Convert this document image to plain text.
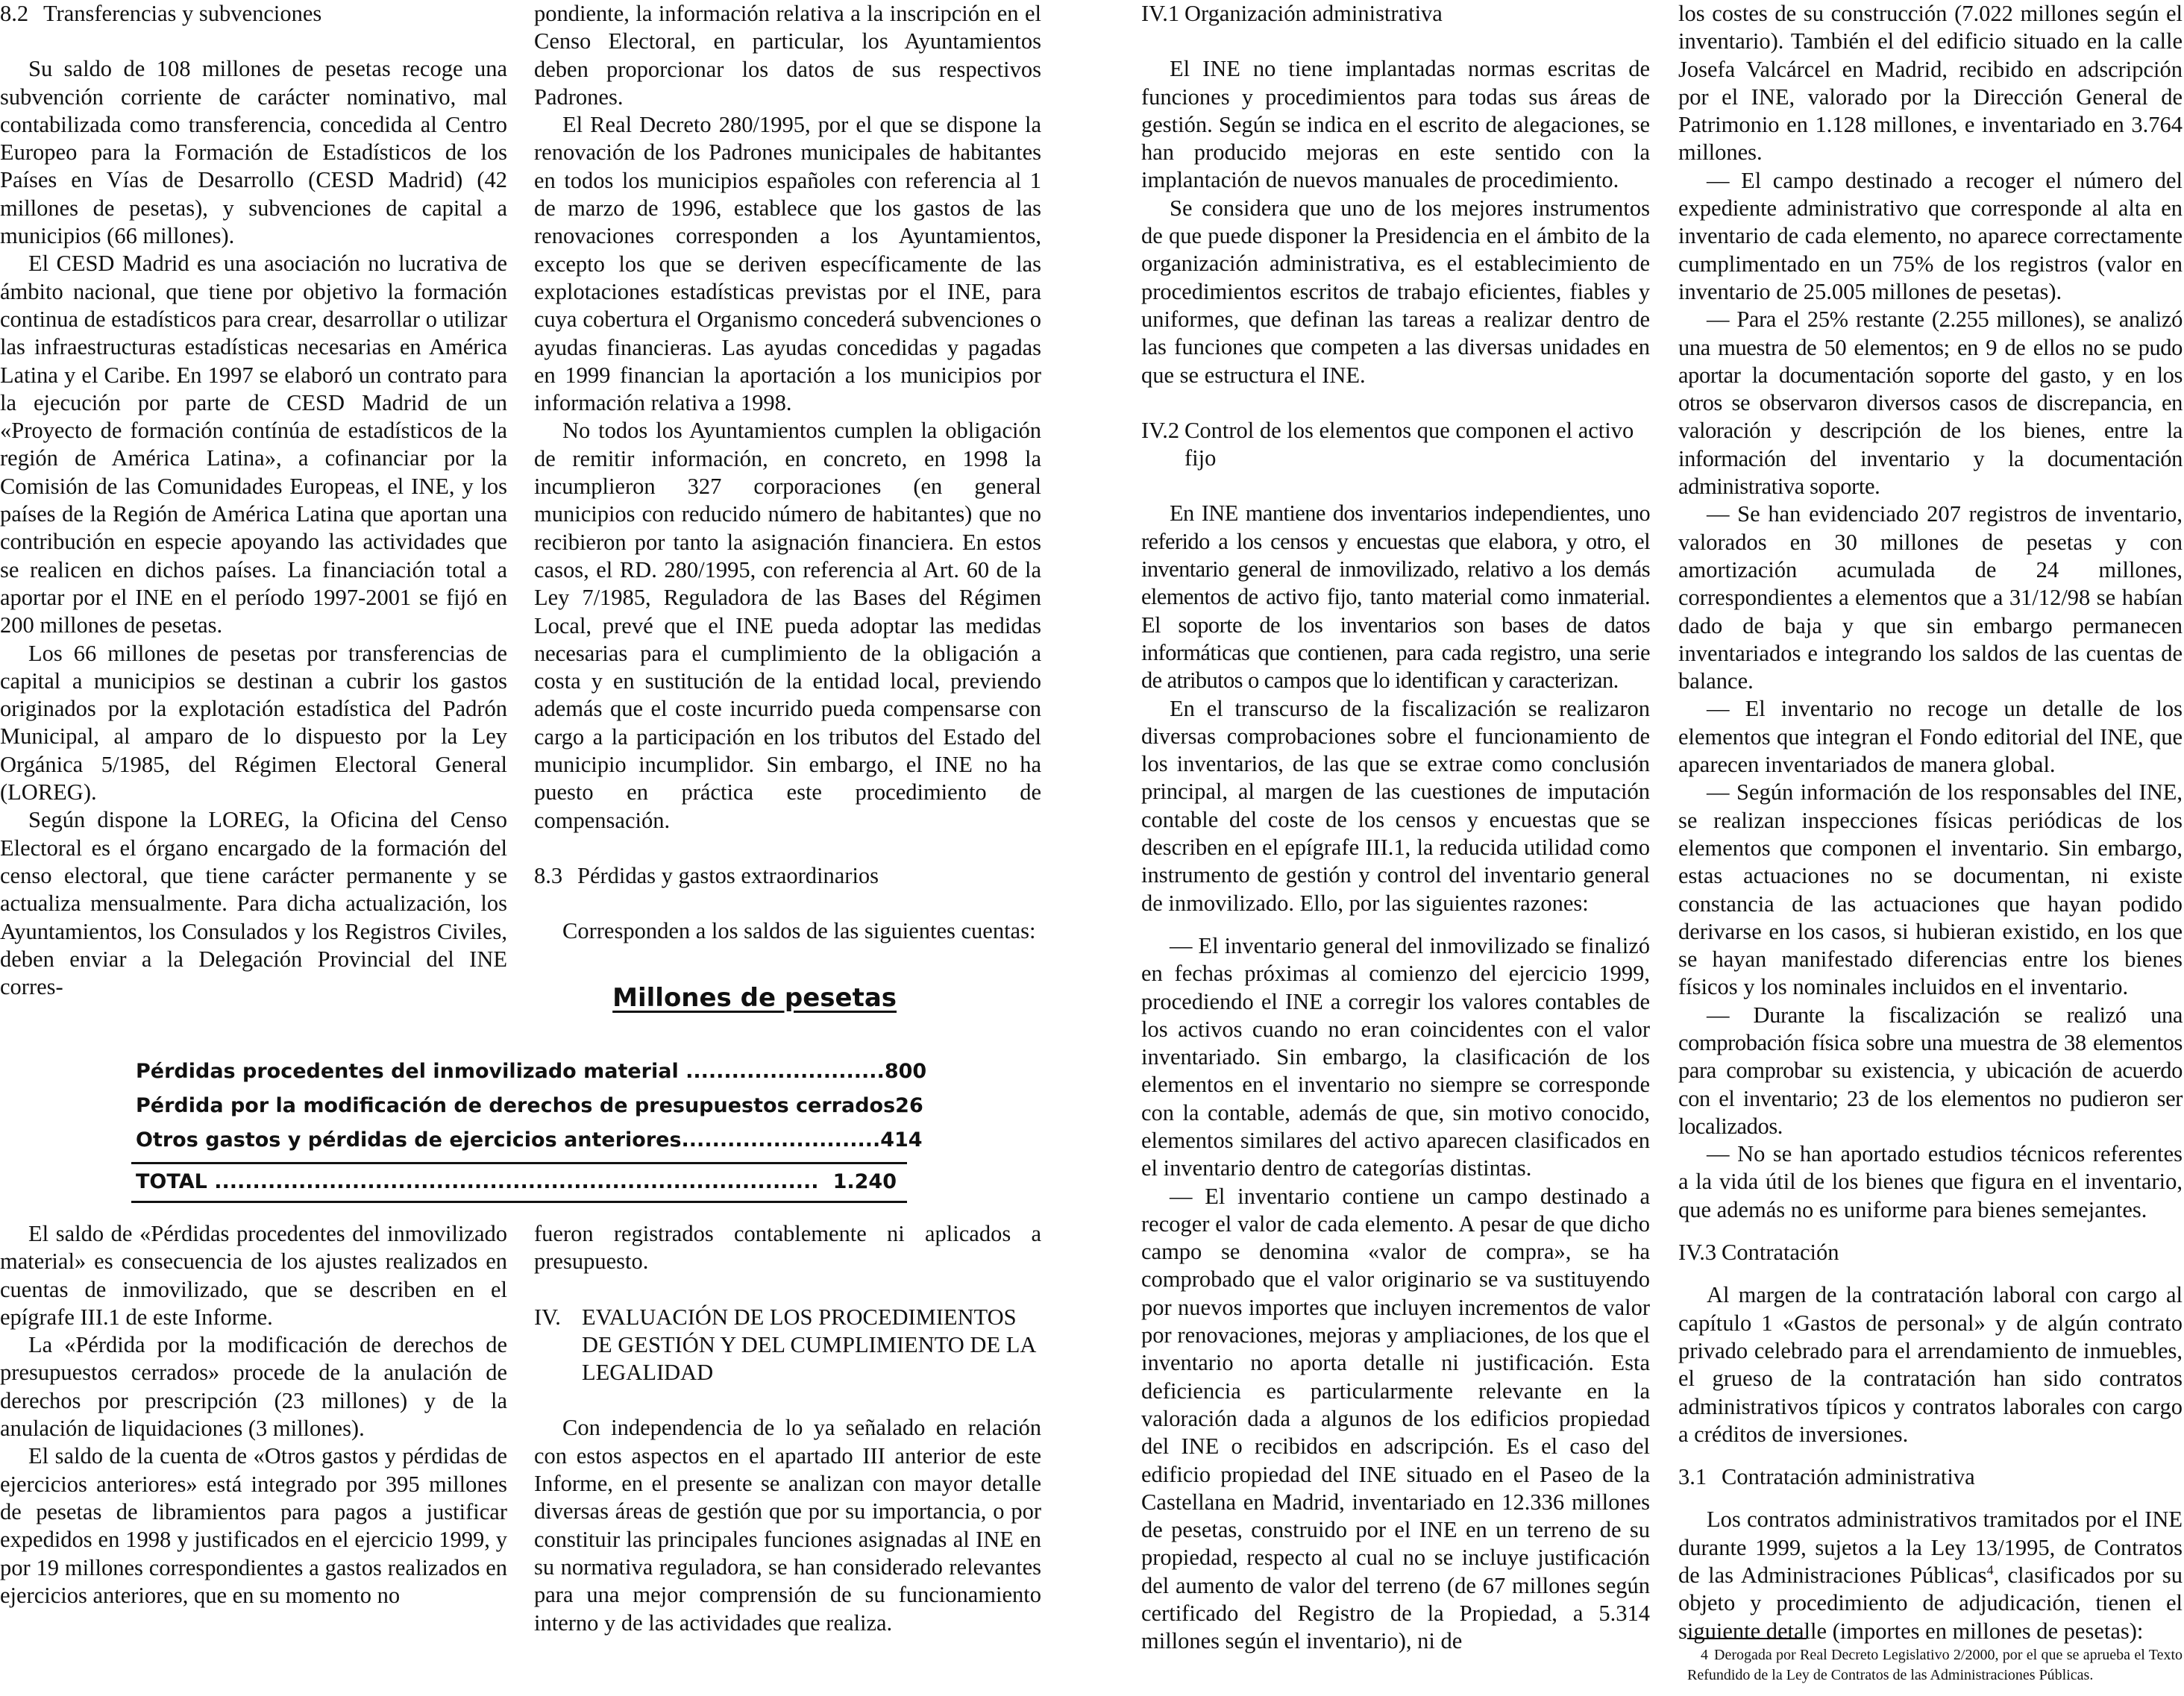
8.2 Transferencias y subvenciones

Su saldo de 108 millones de pesetas recoge una subvención corriente de carácter nominativo, mal contabilizada como transferencia, concedida al Centro Europeo para la Formación de Estadísticos de los Países en Vías de Desarrollo (CESD Madrid) (42 millones de pesetas), y subvenciones de capital a municipios (66 millones).

El CESD Madrid es una asociación no lucrativa de ámbito nacional, que tiene por objetivo la formación continua de estadísticos para crear, desarrollar o utilizar las infraestructuras estadísticas necesarias en América Latina y el Caribe. En 1997 se elaboró un contrato para la ejecución por parte de CESD Madrid de un «Proyecto de formación contínúa de estadísticos de la región de América Latina», a cofinanciar por la Comisión de las Comunidades Europeas, el INE, y los países de la Región de América Latina que aportan una contribución en especie apoyando las actividades que se realicen en dichos países. La financiación total a aportar por el INE en el período 1997-2001 se fijó en 200 millones de pesetas.

Los 66 millones de pesetas por transferencias de capital a municipios se destinan a cubrir los gastos originados por la explotación estadística del Padrón Municipal, al amparo de lo dispuesto por la Ley Orgánica 5/1985, del Régimen Electoral General (LOREG).

Según dispone la LOREG, la Oficina del Censo Electoral es el órgano encargado de la formación del censo electoral, que tiene carácter permanente y se actualiza mensualmente. Para dicha actualización, los Ayuntamientos, los Consulados y los Registros Civiles, deben enviar a la Delegación Provincial del INE corres-

El saldo de «Pérdidas procedentes del inmovilizado material» es consecuencia de los ajustes realizados en cuentas de inmovilizado, que se describen en el epígrafe III.1 de este Informe.

La «Pérdida por la modificación de derechos de presupuestos cerrados» procede de la anulación de derechos por prescripción (23 millones) y de la anulación de liquidaciones (3 millones).

El saldo de la cuenta de «Otros gastos y pérdidas de ejercicios anteriores» está integrado por 395 millones de pesetas de libramientos para pagos a justificar expedidos en 1998 y justificados en el ejercicio 1999, y por 19 millones correspondientes a gastos realizados en ejercicios anteriores, que en su momento no

pondiente, la información relativa a la inscripción en el Censo Electoral, en particular, los Ayuntamientos deben proporcionar los datos de sus respectivos Padrones.

El Real Decreto 280/1995, por el que se dispone la renovación de los Padrones municipales de habitantes en todos los municipios españoles con referencia al 1 de marzo de 1996, establece que los gastos de las renovaciones corresponden a los Ayuntamientos, excepto los que se deriven específicamente de las explotaciones estadísticas previstas por el INE, para cuya cobertura el Organismo concederá subvenciones o ayudas financieras. Las ayudas concedidas y pagadas en 1999 financian la aportación a los municipios por información relativa a 1998.

No todos los Ayuntamientos cumplen la obligación de remitir información, en concreto, en 1998 la incumplieron 327 corporaciones (en general municipios con reducido número de habitantes) que no recibieron por tanto la asignación financiera. En estos casos, el RD. 280/1995, con referencia al Art. 60 de la Ley 7/1985, Reguladora de las Bases del Régimen Local, prevé que el INE pueda adoptar las medidas necesarias para el cumplimiento de la obligación a costa y en sustitución de la entidad local, previendo además que el coste incurrido pueda compensarse con cargo a la participación en los tributos del Estado del municipio incumplidor. Sin embargo, el INE no ha puesto en práctica este procedimiento de compensación.

8.3 Pérdidas y gastos extraordinarios

Corresponden a los saldos de las siguientes cuentas:

fueron registrados contablemente ni aplicados a presupuesto.

IV. EVALUACIÓN DE LOS PROCEDIMIENTOS DE GESTIÓN Y DEL CUMPLIMIENTO DE LA LEGALIDAD

Con independencia de lo ya señalado en relación con estos aspectos en el apartado III anterior de este Informe, en el presente se analizan con mayor detalle diversas áreas de gestión que por su importancia, o por constituir las principales funciones asignadas al INE en su normativa reguladora, se han considerado relevantes para una mejor comprensión de su funcionamiento interno y de las actividades que realiza.

Millones de pesetas
Pérdidas procedentes del inmovilizado material .......................... 800
Pérdida por la modificación de derechos de presupuestos cerrados 26
Otros gastos y pérdidas de ejercicios anteriores.......................... 414
TOTAL ............................................................................... 1.240
IV.1 Organización administrativa

El INE no tiene implantadas normas escritas de funciones y procedimientos para todas sus áreas de gestión. Según se indica en el escrito de alegaciones, se han producido mejoras en este sentido con la implantación de nuevos manuales de procedimiento.

Se considera que uno de los mejores instrumentos de que puede disponer la Presidencia en el ámbito de la organización administrativa, es el establecimiento de procedimientos escritos de trabajo eficientes, fiables y uniformes, que definan las tareas a realizar dentro de las funciones que competen a las diversas unidades en que se estructura el INE.

IV.2 Control de los elementos que componen el activo fijo

En INE mantiene dos inventarios independientes, uno referido a los censos y encuestas que elabora, y otro, el inventario general de inmovilizado, relativo a los demás elementos de activo fijo, tanto material como inmaterial. El soporte de los inventarios son bases de datos informáticas que contienen, para cada registro, una serie de atributos o campos que lo identifican y caracterizan.

En el transcurso de la fiscalización se realizaron diversas comprobaciones sobre el funcionamiento de los inventarios, de las que se extrae como conclusión principal, al margen de las cuestiones de imputación contable del coste de los censos y encuestas que se describen en el epígrafe III.1, la reducida utilidad como instrumento de gestión y control del inventario general de inmovilizado. Ello, por las siguientes razones:

— El inventario general del inmovilizado se finalizó en fechas próximas al comienzo del ejercicio 1999, procediendo el INE a corregir los valores contables de los activos cuando no eran coincidentes con el valor inventariado. Sin embargo, la clasificación de los elementos en el inventario no siempre se corresponde con la contable, además de que, sin motivo conocido, elementos similares del activo aparecen clasificados en el inventario dentro de categorías distintas.

— El inventario contiene un campo destinado a recoger el valor de cada elemento. A pesar de que dicho campo se denomina «valor de compra», se ha comprobado que el valor originario se va sustituyendo por nuevos importes que incluyen incrementos de valor por renovaciones, mejoras y ampliaciones, de los que el inventario no aporta detalle ni justificación. Esta deficiencia es particularmente relevante en la valoración dada a algunos de los edificios propiedad del INE o recibidos en adscripción. Es el caso del edificio propiedad del INE situado en el Paseo de la Castellana en Madrid, inventariado en 12.336 millones de pesetas, construido por el INE en un terreno de su propiedad, respecto al cual no se incluye justificación del aumento de valor del terreno (de 67 millones según certificado del Registro de la Propiedad, a 5.314 millones según el inventario), ni de

los costes de su construcción (7.022 millones según el inventario). También el del edificio situado en la calle Josefa Valcárcel en Madrid, recibido en adscripción por el INE, valorado por la Dirección General de Patrimonio en 1.128 millones, e inventariado en 3.764 millones.

— El campo destinado a recoger el número del expediente administrativo que corresponde al alta en inventario de cada elemento, no aparece correctamente cumplimentado en un 75% de los registros (valor en inventario de 25.005 millones de pesetas).

— Para el 25% restante (2.255 millones), se analizó una muestra de 50 elementos; en 9 de ellos no se pudo aportar la documentación soporte del gasto, y en los otros se observaron diversos casos de discrepancia, en valoración y descripción de los bienes, entre la información del inventario y la documentación administrativa soporte.

— Se han evidenciado 207 registros de inventario, valorados en 30 millones de pesetas y con amortización acumulada de 24 millones, correspondientes a elementos que a 31/12/98 se habían dado de baja y que sin embargo permanecen inventariados e integrando los saldos de las cuentas de balance.

— El inventario no recoge un detalle de los elementos que integran el Fondo editorial del INE, que aparecen inventariados de manera global.

— Según información de los responsables del INE, se realizan inspecciones físicas periódicas de los elementos que componen el inventario. Sin embargo, estas actuaciones no se documentan, ni existe constancia de las actuaciones que hayan podido derivarse en los casos, si hubieran existido, en los que se hayan manifestado diferencias entre los bienes físicos y los nominales incluidos en el inventario.

— Durante la fiscalización se realizó una comprobación física sobre una muestra de 38 elementos para comprobar su existencia, y ubicación de acuerdo con el inventario; 23 de los elementos no pudieron ser localizados.

— No se han aportado estudios técnicos referentes a la vida útil de los bienes que figura en el inventario, que además no es uniforme para bienes semejantes.

IV.3 Contratación

Al margen de la contratación laboral con cargo al capítulo 1 «Gastos de personal» y de algún contrato privado celebrado para el arrendamiento de inmuebles, el grueso de la contratación han sido contratos administrativos típicos y contratos laborales con cargo a créditos de inversiones.

3.1 Contratación administrativa

Los contratos administrativos tramitados por el INE durante 1999, sujetos a la Ley 13/1995, de Contratos de las Administraciones Públicas$^4$, clasificados por su objeto y procedimiento de adjudicación, tienen el siguiente detalle (importes en millones de pesetas):

4 Derogada por Real Decreto Legislativo 2/2000, por el que se aprueba el Texto Refundido de la Ley de Contratos de las Administraciones Públicas.
